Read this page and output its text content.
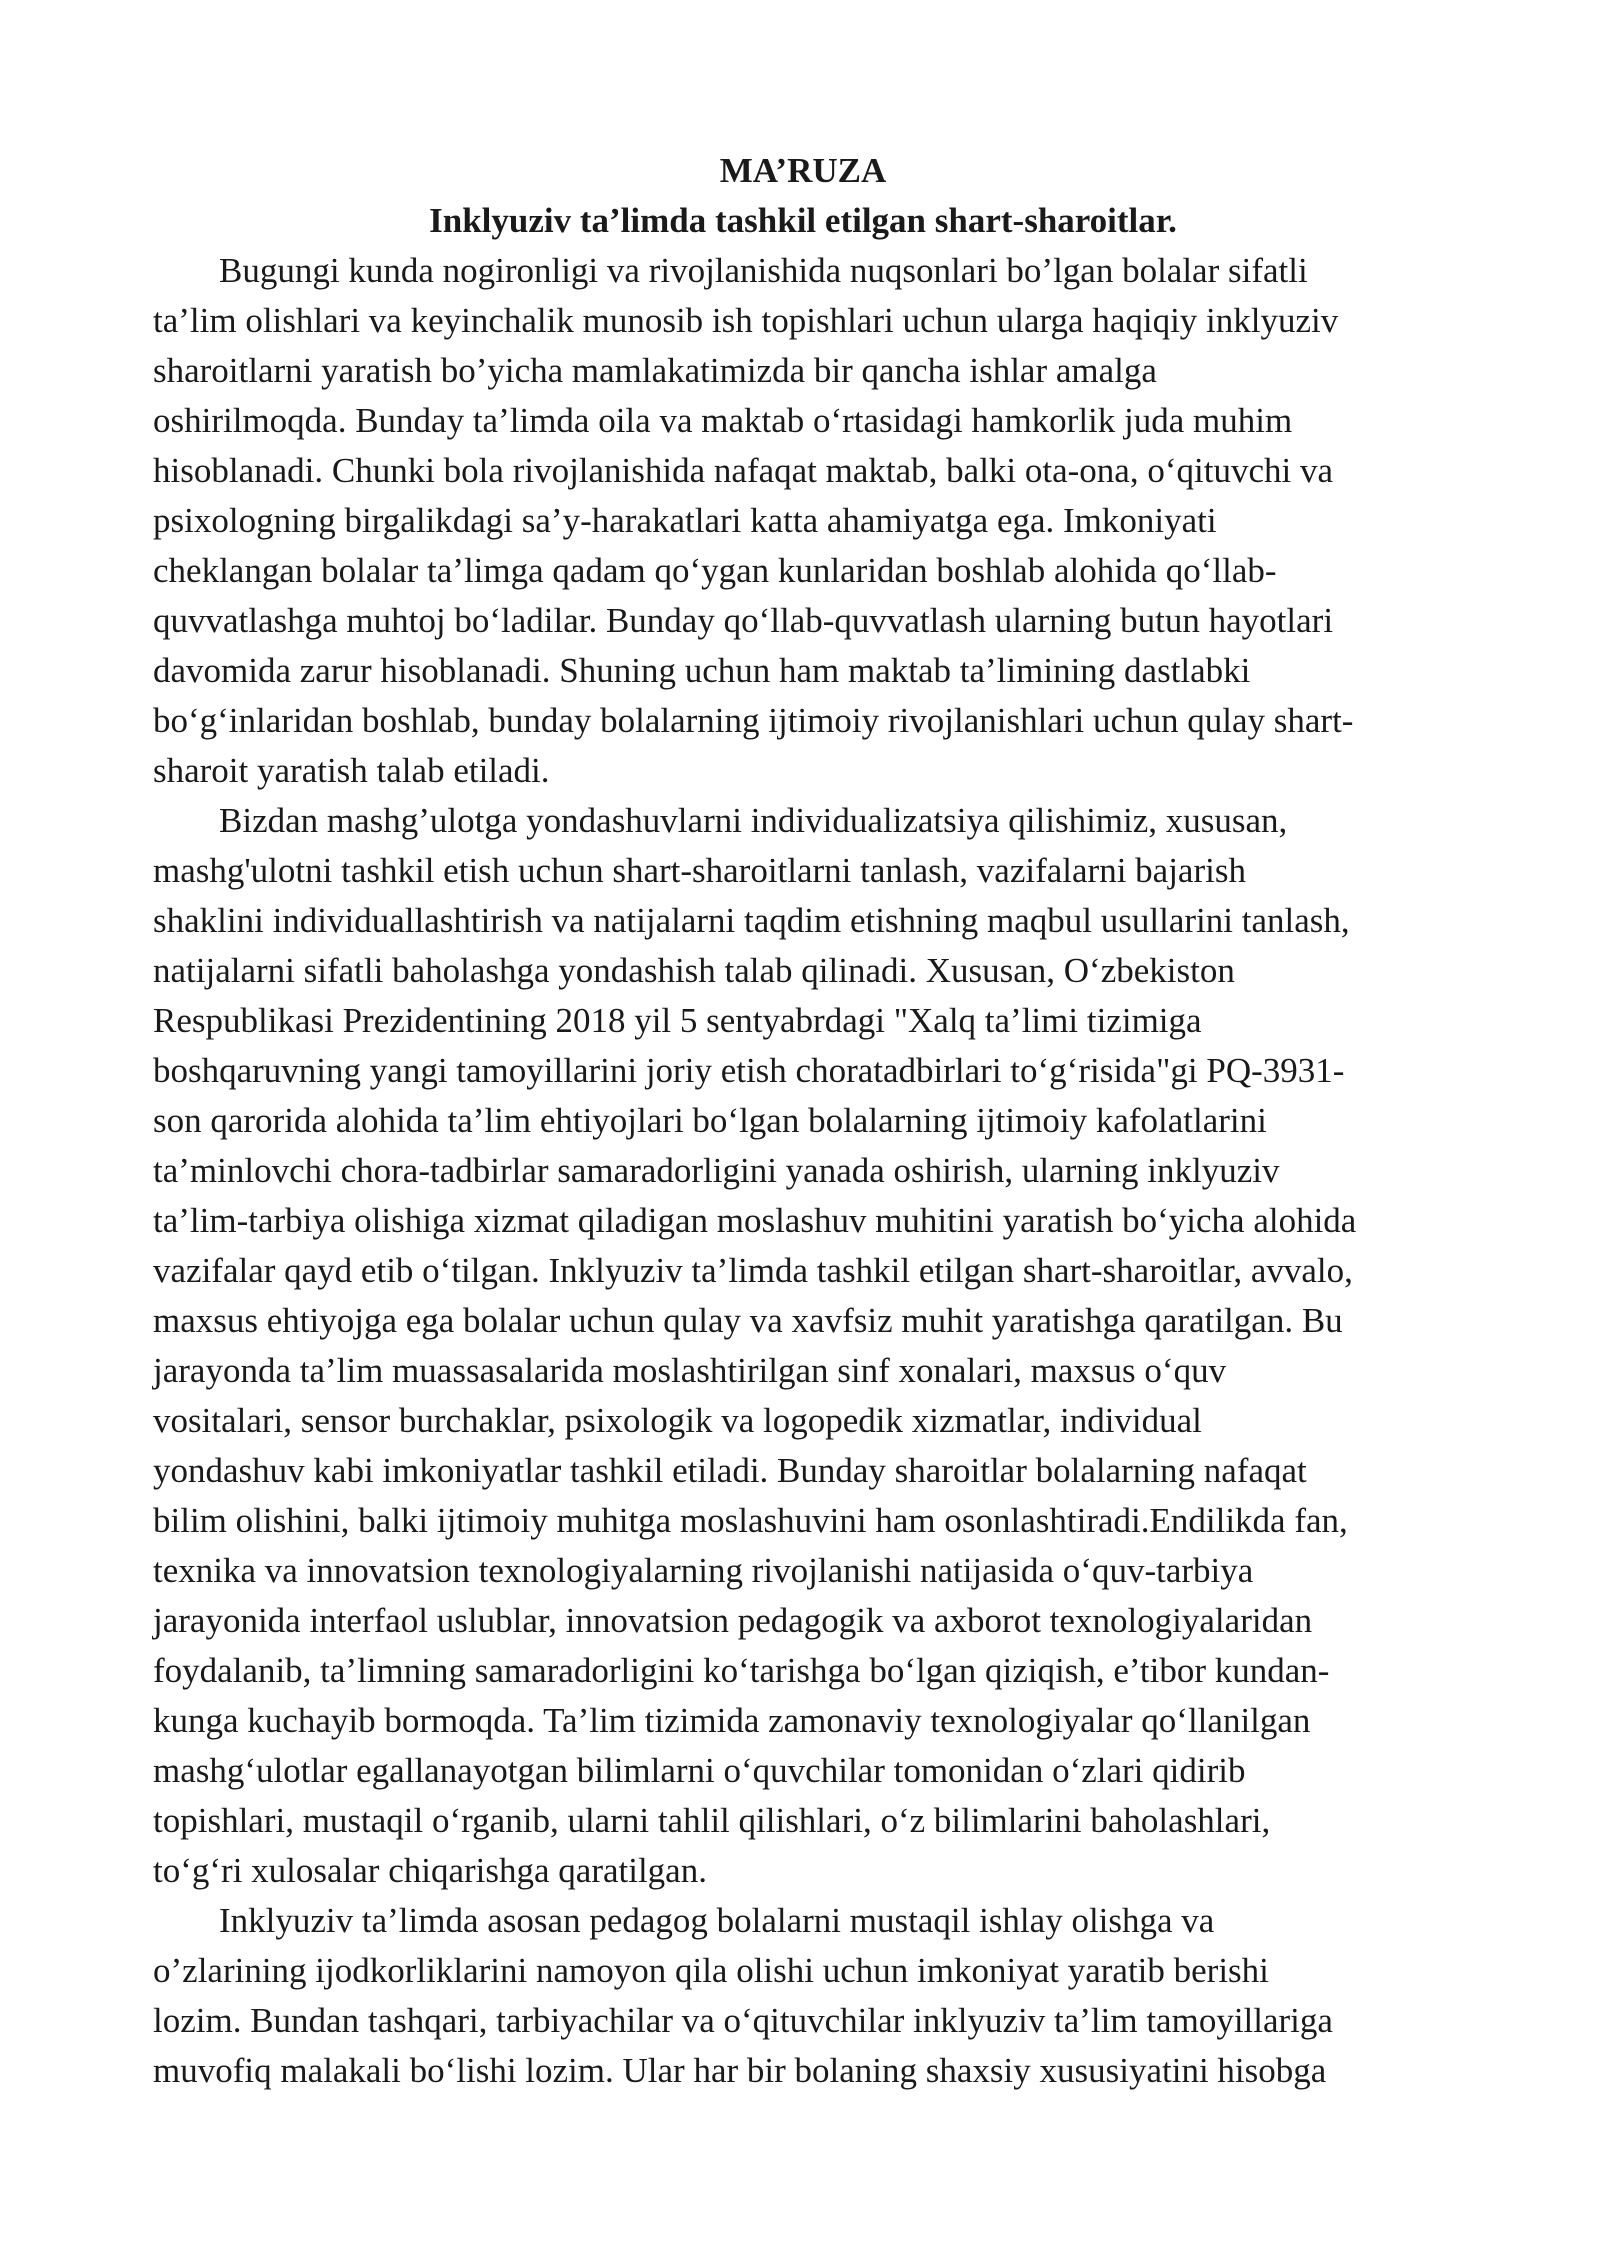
MA’RUZA
Inklyuziv ta’limda tashkil etilgan shart-sharoitlar.
Bugungi kunda nogironligi va rivojlanishida nuqsonlari bo’lgan bolalar sifatli
ta’lim olishlari va keyinchalik munosib ish topishlari uchun ularga haqiqiy inklyuziv
sharoitlarni yaratish bo’yicha mamlakatimizda bir qancha ishlar amalga
oshirilmoqda. Bunday ta’limda oila va maktab oʻrtasidagi hamkorlik juda muhim
hisoblanadi. Chunki bola rivojlanishida nafaqat maktab, balki ota-ona, oʻqituvchi va
psixologning birgalikdagi sa’y-harakatlari katta ahamiyatga ega. Imkoniyati
cheklangan bolalar ta’limga qadam qoʻygan kunlaridan boshlab alohida qoʻllab-
quvvatlashga muhtoj boʻladilar. Bunday qoʻllab-quvvatlash ularning butun hayotlari
davomida zarur hisoblanadi. Shuning uchun ham maktab ta’limining dastlabki
boʻgʻinlaridan boshlab, bunday bolalarning ijtimoiy rivojlanishlari uchun qulay shart-
sharoit yaratish talab etiladi.
Bizdan mashg’ulotga yondashuvlarni individualizatsiya qilishimiz, xususan,
mashg'ulotni tashkil etish uchun shart-sharoitlarni tanlash, vazifalarni bajarish
shaklini individuallashtirish va natijalarni taqdim etishning maqbul usullarini tanlash,
natijalarni sifatli baholashga yondashish talab qilinadi. Xususan, Oʻzbekiston
Respublikasi Prezidentining 2018 yil 5 sentyabrdagi "Xalq ta’limi tizimiga
boshqaruvning yangi tamoyillarini joriy etish choratadbirlari toʻgʻrisida"gi PQ-3931-
son qarorida alohida ta’lim ehtiyojlari boʻlgan bolalarning ijtimoiy kafolatlarini
ta’minlovchi chora-tadbirlar samaradorligini yanada oshirish, ularning inklyuziv
ta’lim-tarbiya olishiga xizmat qiladigan moslashuv muhitini yaratish boʻyicha alohida
vazifalar qayd etib oʻtilgan. Inklyuziv ta’limda tashkil etilgan shart-sharoitlar, avvalo,
maxsus ehtiyojga ega bolalar uchun qulay va xavfsiz muhit yaratishga qaratilgan. Bu
jarayonda ta’lim muassasalarida moslashtirilgan sinf xonalari, maxsus oʻquv
vositalari, sensor burchaklar, psixologik va logopedik xizmatlar, individual
yondashuv kabi imkoniyatlar tashkil etiladi. Bunday sharoitlar bolalarning nafaqat
bilim olishini, balki ijtimoiy muhitga moslashuvini ham osonlashtiradi.Endilikda fan,
texnika va innovatsion texnologiyalarning rivojlanishi natijasida oʻquv-tarbiya
jarayonida interfaol uslublar, innovatsion pedagogik va axborot texnologiyalaridan
foydalanib, ta’limning samaradorligini koʻtarishga boʻlgan qiziqish, e’tibor kundan-
kunga kuchayib bormoqda. Ta’lim tizimida zamonaviy texnologiyalar qoʻllanilgan
mashgʻulotlar egallanayotgan bilimlarni oʻquvchilar tomonidan oʻzlari qidirib
topishlari, mustaqil oʻrganib, ularni tahlil qilishlari, oʻz bilimlarini baholashlari,
toʻgʻri xulosalar chiqarishga qaratilgan.
Inklyuziv ta’limda asosan pedagog bolalarni mustaqil ishlay olishga va
o’zlarining ijodkorliklarini namoyon qila olishi uchun imkoniyat yaratib berishi
lozim. Bundan tashqari, tarbiyachilar va oʻqituvchilar inklyuziv ta’lim tamoyillariga
muvofiq malakali boʻlishi lozim. Ular har bir bolaning shaxsiy xususiyatini hisobga
